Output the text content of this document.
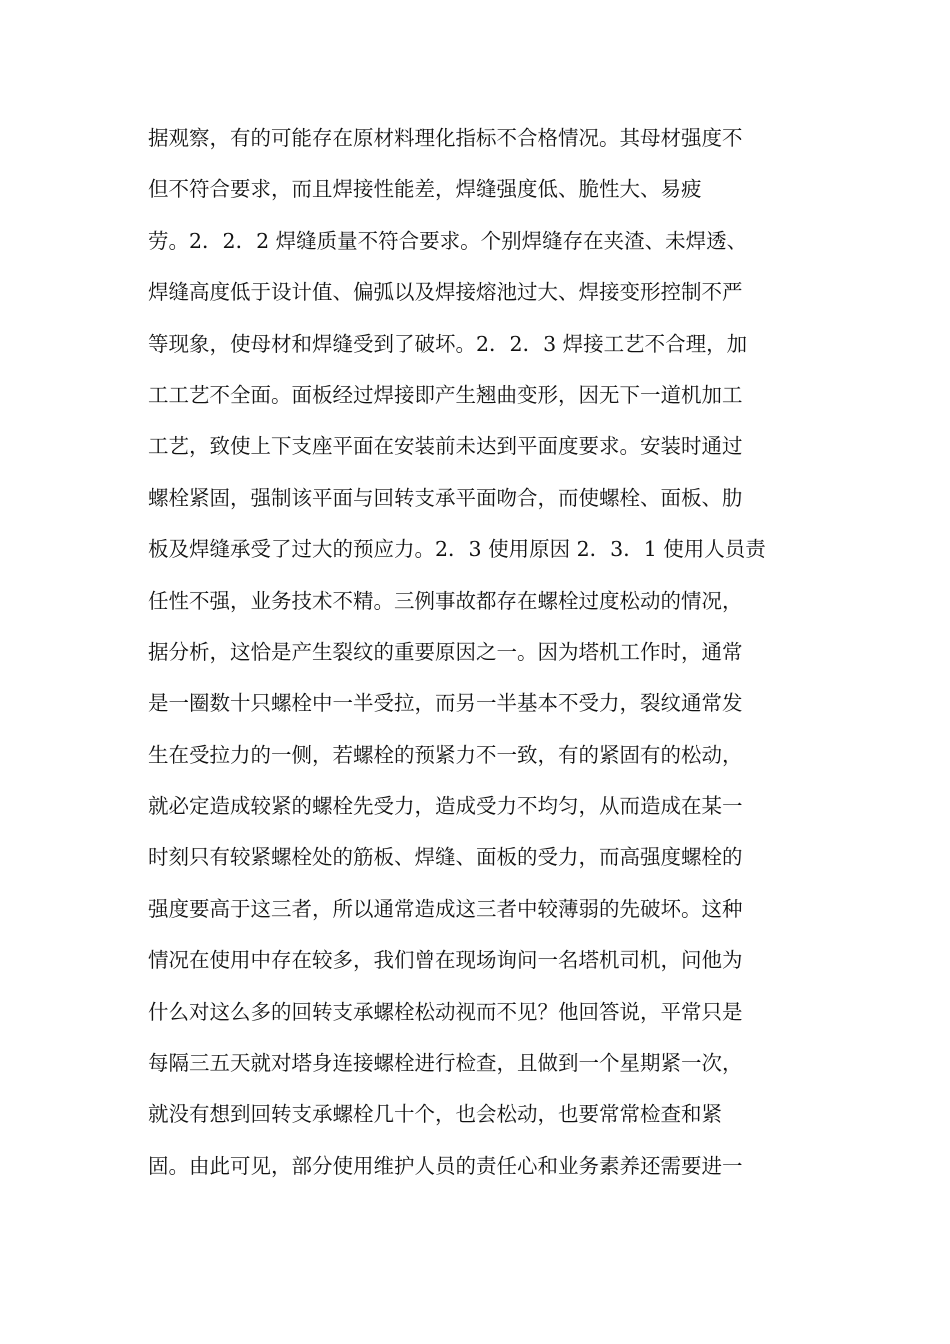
据观察，有的可能存在原材料理化指标不合格情况。其母材强度不
但不符合要求，而且焊接性能差，焊缝强度低、脆性大、易疲
劳。2．2．2 焊缝质量不符合要求。个别焊缝存在夹渣、未焊透、
焊缝高度低于设计值、偏弧以及焊接熔池过大、焊接变形控制不严
等现象，使母材和焊缝受到了破坏。2．2．3 焊接工艺不合理，加
工工艺不全面。面板经过焊接即产生翘曲变形，因无下一道机加工
工艺，致使上下支座平面在安装前未达到平面度要求。安装时通过
螺栓紧固，强制该平面与回转支承平面吻合，而使螺栓、面板、肋
板及焊缝承受了过大的预应力。2．3 使用原因 2．3．1 使用人员责
任性不强，业务技术不精。三例事故都存在螺栓过度松动的情况，
据分析，这恰是产生裂纹的重要原因之一。因为塔机工作时，通常
是一圈数十只螺栓中一半受拉，而另一半基本不受力，裂纹通常发
生在受拉力的一侧，若螺栓的预紧力不一致，有的紧固有的松动，
就必定造成较紧的螺栓先受力，造成受力不均匀，从而造成在某一
时刻只有较紧螺栓处的筋板、焊缝、面板的受力，而高强度螺栓的
强度要高于这三者，所以通常造成这三者中较薄弱的先破坏。这种
情况在使用中存在较多，我们曾在现场询问一名塔机司机，问他为
什么对这么多的回转支承螺栓松动视而不见？他回答说，平常只是
每隔三五天就对塔身连接螺栓进行检查，且做到一个星期紧一次，
就没有想到回转支承螺栓几十个，也会松动，也要常常检查和紧
固。由此可见，部分使用维护人员的责任心和业务素养还需要进一
